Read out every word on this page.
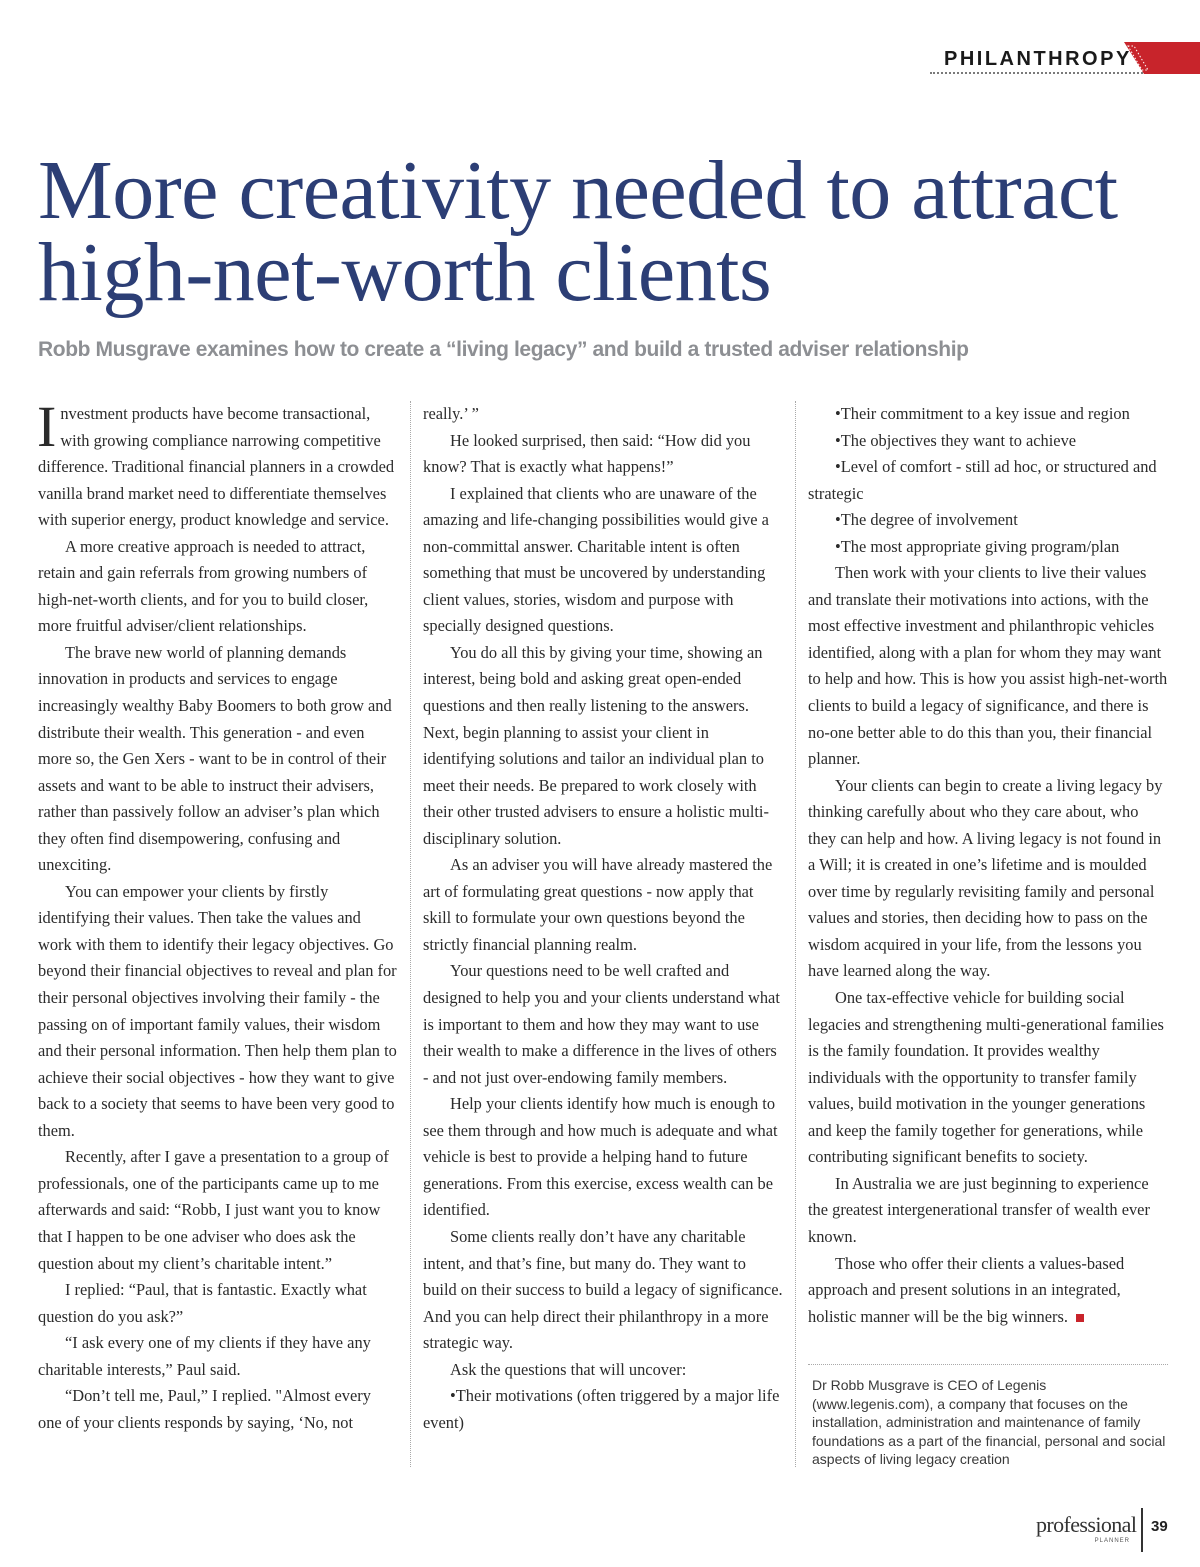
PHILANTHROPY
More creativity needed to attract
high-net-worth clients
Robb Musgrave examines how to create a “living legacy” and build a trusted adviser relationship

Investment products have become transactional, with growing compliance narrowing competitive difference. Traditional financial planners in a crowded vanilla brand market need to differentiate themselves with superior energy, product knowledge and service.

A more creative approach is needed to attract, retain and gain referrals from growing numbers of high-net-worth clients, and for you to build closer, more fruitful adviser/client relationships.

The brave new world of planning demands innovation in products and services to engage increasingly wealthy Baby Boomers to both grow and distribute their wealth. This generation - and even more so, the Gen Xers - want to be in control of their assets and want to be able to instruct their advisers, rather than passively follow an adviser’s plan which they often find disempowering, confusing and unexciting.

You can empower your clients by firstly identifying their values. Then take the values and work with them to identify their legacy objectives. Go beyond their financial objectives to reveal and plan for their personal objectives involving their family - the passing on of important family values, their wisdom and their personal information. Then help them plan to achieve their social objectives - how they want to give back to a society that seems to have been very good to them.

Recently, after I gave a presentation to a group of professionals, one of the participants came up to me afterwards and said: “Robb, I just want you to know that I happen to be one adviser who does ask the question about my client’s charitable intent.”

I replied: “Paul, that is fantastic. Exactly what question do you ask?”

“I ask every one of my clients if they have any charitable interests,” Paul said.

“Don’t tell me, Paul,” I replied. "Almost every one of your clients responds by saying, ‘No, not

really.’ ”

He looked surprised, then said: “How did you know? That is exactly what happens!”

I explained that clients who are unaware of the amazing and life-changing possibilities would give a non-committal answer. Charitable intent is often something that must be uncovered by understanding client values, stories, wisdom and purpose with specially designed questions.

You do all this by giving your time, showing an interest, being bold and asking great open-ended questions and then really listening to the answers. Next, begin planning to assist your client in identifying solutions and tailor an individual plan to meet their needs. Be prepared to work closely with their other trusted advisers to ensure a holistic multi-disciplinary solution.

As an adviser you will have already mastered the art of formulating great questions - now apply that skill to formulate your own questions beyond the strictly financial planning realm.

Your questions need to be well crafted and designed to help you and your clients understand what is important to them and how they may want to use their wealth to make a difference in the lives of others - and not just over-endowing family members.

Help your clients identify how much is enough to see them through and how much is adequate and what vehicle is best to provide a helping hand to future generations. From this exercise, excess wealth can be identified.

Some clients really don’t have any charitable intent, and that’s fine, but many do. They want to build on their success to build a legacy of significance. And you can help direct their philanthropy in a more strategic way.

Ask the questions that will uncover:

•Their motivations (often triggered by a major life event)

•Their commitment to a key issue and region

•The objectives they want to achieve

•Level of comfort - still ad hoc, or structured and strategic

•The degree of involvement

•The most appropriate giving program/plan

Then work with your clients to live their values and translate their motivations into actions, with the most effective investment and philanthropic vehicles identified, along with a plan for whom they may want to help and how. This is how you assist high-net-worth clients to build a legacy of significance, and there is no-one better able to do this than you, their financial planner.

Your clients can begin to create a living legacy by thinking carefully about who they care about, who they can help and how. A living legacy is not found in a Will; it is created in one’s lifetime and is moulded over time by regularly revisiting family and personal values and stories, then deciding how to pass on the wisdom acquired in your life, from the lessons you have learned along the way.

One tax-effective vehicle for building social legacies and strengthening multi-generational families is the family foundation. It provides wealthy individuals with the opportunity to transfer family values, build motivation in the younger generations and keep the family together for generations, while contributing significant benefits to society.

In Australia we are just beginning to experience the greatest intergenerational transfer of wealth ever known.

Those who offer their clients a values-based approach and present solutions in an integrated, holistic manner will be the big winners.

Dr Robb Musgrave is CEO of Legenis (www.legenis.com), a company that focuses on the installation, administration and maintenance of family foundations as a part of the financial, personal and social aspects of living legacy creation
professional
PLANNER
39
